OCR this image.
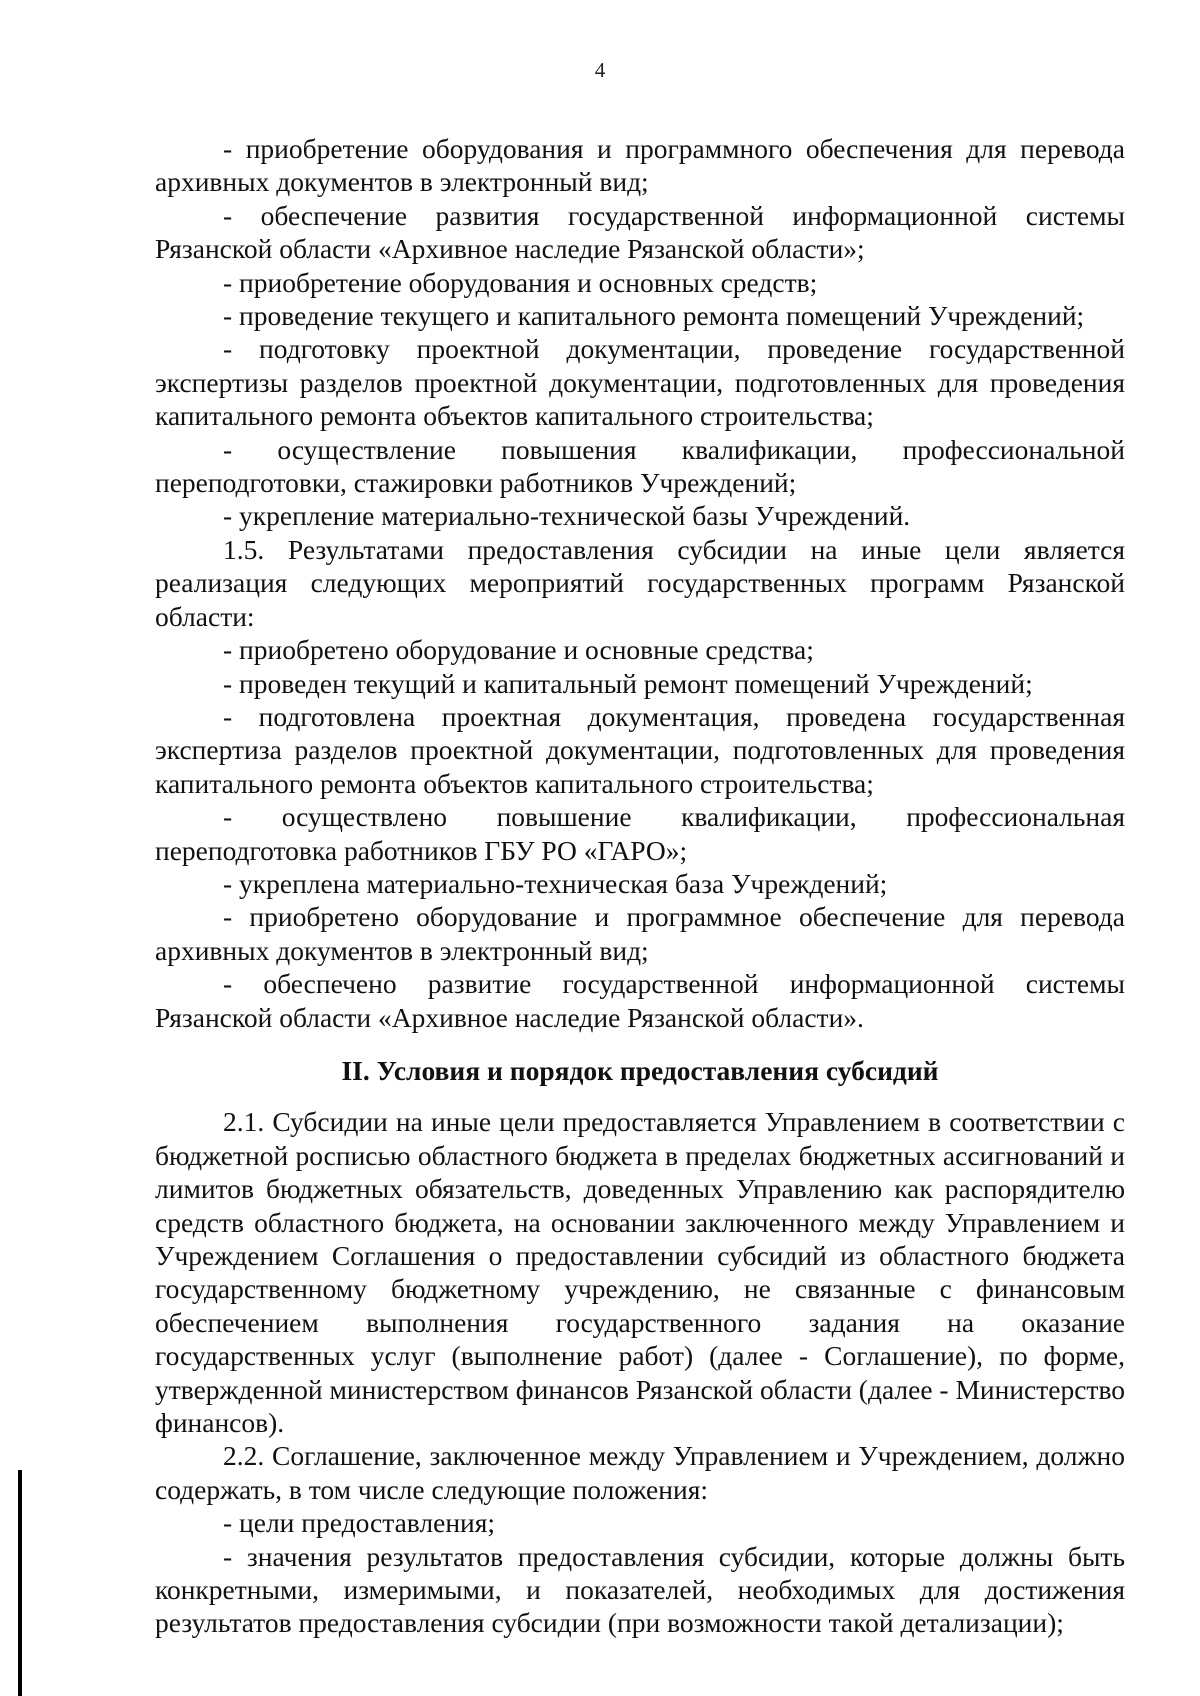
4

- приобретение оборудования и программного обеспечения для перевода архивных документов в электронный вид;

- обеспечение развития государственной информационной системы Рязанской области «Архивное наследие Рязанской области»;

- приобретение оборудования и основных средств;

- проведение текущего и капитального ремонта помещений Учреждений;

- подготовку проектной документации, проведение государственной экспертизы разделов проектной документации, подготовленных для проведения капитального ремонта объектов капитального строительства;

- осуществление повышения квалификации, профессиональной переподготовки, стажировки работников Учреждений;

- укрепление материально-технической базы Учреждений.

1.5. Результатами предоставления субсидии на иные цели является реализация следующих мероприятий государственных программ Рязанской области:

- приобретено оборудование и основные средства;

- проведен текущий и капитальный ремонт помещений Учреждений;

- подготовлена проектная документация, проведена государственная экспертиза разделов проектной документации, подготовленных для проведения капитального ремонта объектов капитального строительства;

- осуществлено повышение квалификации, профессиональная переподготовка работников ГБУ РО «ГАРО»;

- укреплена материально-техническая база Учреждений;

- приобретено оборудование и программное обеспечение для перевода архивных документов в электронный вид;

- обеспечено развитие государственной информационной системы Рязанской области «Архивное наследие Рязанской области».

II. Условия и порядок предоставления субсидий

2.1. Субсидии на иные цели предоставляется Управлением в соответствии с бюджетной росписью областного бюджета в пределах бюджетных ассигнований и лимитов бюджетных обязательств, доведенных Управлению как распорядителю средств областного бюджета, на основании заключенного между Управлением и Учреждением Соглашения о предоставлении субсидий из областного бюджета государственному бюджетному учреждению, не связанные с финансовым обеспечением выполнения государственного задания на оказание государственных услуг (выполнение работ) (далее - Соглашение), по форме, утвержденной министерством финансов Рязанской области (далее - Министерство финансов).

2.2. Соглашение, заключенное между Управлением и Учреждением, должно содержать, в том числе следующие положения:

- цели предоставления;

- значения результатов предоставления субсидии, которые должны быть конкретными, измеримыми, и показателей, необходимых для достижения результатов предоставления субсидии (при возможности такой детализации);
